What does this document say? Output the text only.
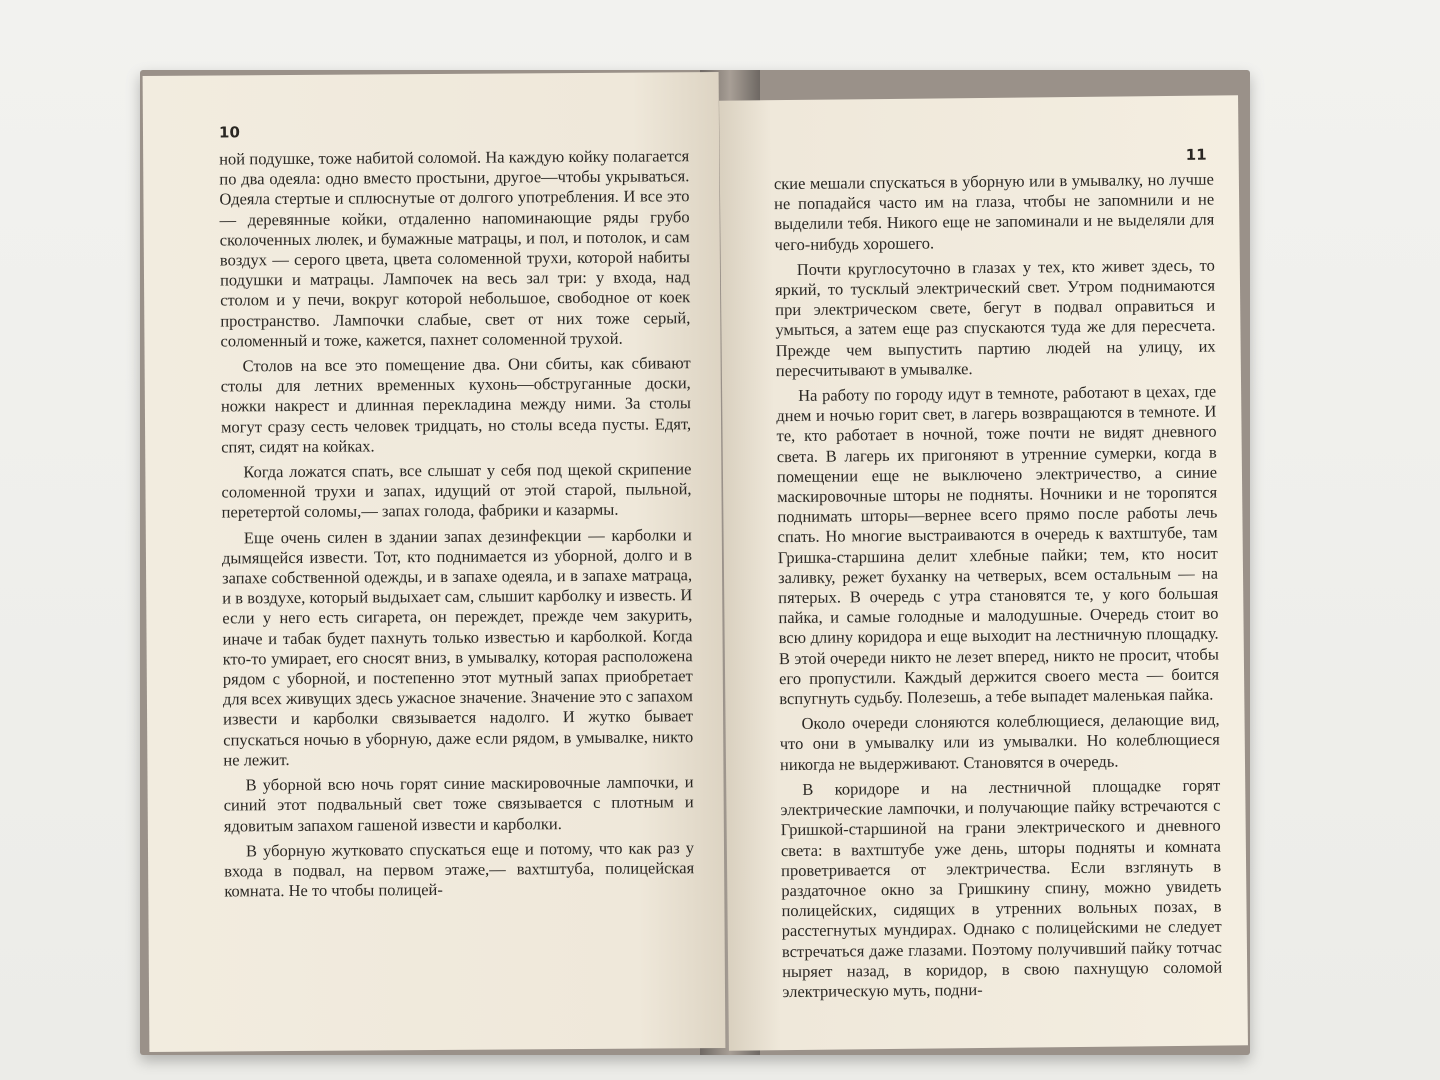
10

ной подушке, тоже набитой соломой. На каждую койку полагается по два одеяла: одно вместо простыни, другое—чтобы укрываться. Одеяла стертые и сплюснутые от долгого употребления. И все это — деревянные койки, отдаленно напоминающие ряды грубо сколоченных люлек, и бумажные матрацы, и пол, и потолок, и сам воздух — серого цвета, цвета соломенной трухи, которой набиты подушки и матрацы. Лампочек на весь зал три: у входа, над столом и у печи, вокруг которой небольшое, свободное от коек пространство. Лампочки слабые, свет от них тоже серый, соломенный и тоже, кажется, пахнет соломенной трухой.

Столов на все это помещение два. Они сбиты, как сбивают столы для летних временных кухонь—обструганные доски, ножки накрест и длинная перекладина между ними. За столы могут сразу сесть человек тридцать, но столы вседа пусты. Едят, спят, сидят на койках.

Когда ложатся спать, все слышат у себя под щекой скрипение соломенной трухи и запах, идущий от этой старой, пыльной, перетертой соломы,— запах голода, фабрики и казармы.

Еще очень силен в здании запах дезинфекции — карболки и дымящейся извести. Тот, кто поднимается из уборной, долго и в запахе собственной одежды, и в запахе одеяла, и в запахе матраца, и в воздухе, который выдыхает сам, слышит карболку и известь. И если у него есть сигарета, он переждет, прежде чем закурить, иначе и табак будет пахнуть только известью и карболкой. Когда кто-то умирает, его сносят вниз, в умывалку, которая расположена рядом с уборной, и постепенно этот мутный запах приобретает для всех живущих здесь ужасное значение. Значение это с запахом извести и карболки связывается надолго. И жутко бывает спускаться ночью в уборную, даже если рядом, в умывалке, никто не лежит.

В уборной всю ночь горят синие маскировочные лампочки, и синий этот подвальный свет тоже связывается с плотным и ядовитым запахом гашеной извести и карболки.

В уборную жутковато спускаться еще и потому, что как раз у входа в подвал, на первом этаже,— вахтштуба, полицейская комната. Не то чтобы полицей-

11

ские мешали спускаться в уборную или в умывалку, но лучше не попадайся часто им на глаза, чтобы не запомнили и не выделили тебя. Никого еще не запоминали и не выделяли для чего-нибудь хорошего.

Почти круглосуточно в глазах у тех, кто живет здесь, то яркий, то тусклый электрический свет. Утром поднимаются при электрическом свете, бегут в подвал оправиться и умыться, а затем еще раз спускаются туда же для пересчета. Прежде чем выпустить партию людей на улицу, их пересчитывают в умывалке.

На работу по городу идут в темноте, работают в цехах, где днем и ночью горит свет, в лагерь возвращаются в темноте. И те, кто работает в ночной, тоже почти не видят дневного света. В лагерь их пригоняют в утренние сумерки, когда в помещении еще не выключено электричество, а синие маскировочные шторы не подняты. Ночники и не торопятся поднимать шторы—вернее всего прямо после работы лечь спать. Но многие выстраиваются в очередь к вахтштубе, там Гришка-старшина делит хлебные пайки; тем, кто носит заливку, режет буханку на четверых, всем остальным — на пятерых. В очередь с утра становятся те, у кого большая пайка, и самые голодные и малодушные. Очередь стоит во всю длину коридора и еще выходит на лестничную площадку. В этой очереди никто не лезет вперед, никто не просит, чтобы его пропустили. Каждый держится своего места — боится вспугнуть судьбу. Полезешь, а тебе выпадет маленькая пайка.

Около очереди слоняются колеблющиеся, делающие вид, что они в умывалку или из умывалки. Но колеблющиеся никогда не выдерживают. Становятся в очередь.

В коридоре и на лестничной площадке горят электрические лампочки, и получающие пайку встречаются с Гришкой-старшиной на грани электрического и дневного света: в вахтштубе уже день, шторы подняты и комната проветривается от электричества. Если взглянуть в раздаточное окно за Гришкину спину, можно увидеть полицейских, сидящих в утренних вольных позах, в расстегнутых мундирах. Однако с полицейскими не следует встречаться даже глазами. Поэтому получивший пайку тотчас ныряет назад, в коридор, в свою пахнущую соломой электрическую муть, подни-
